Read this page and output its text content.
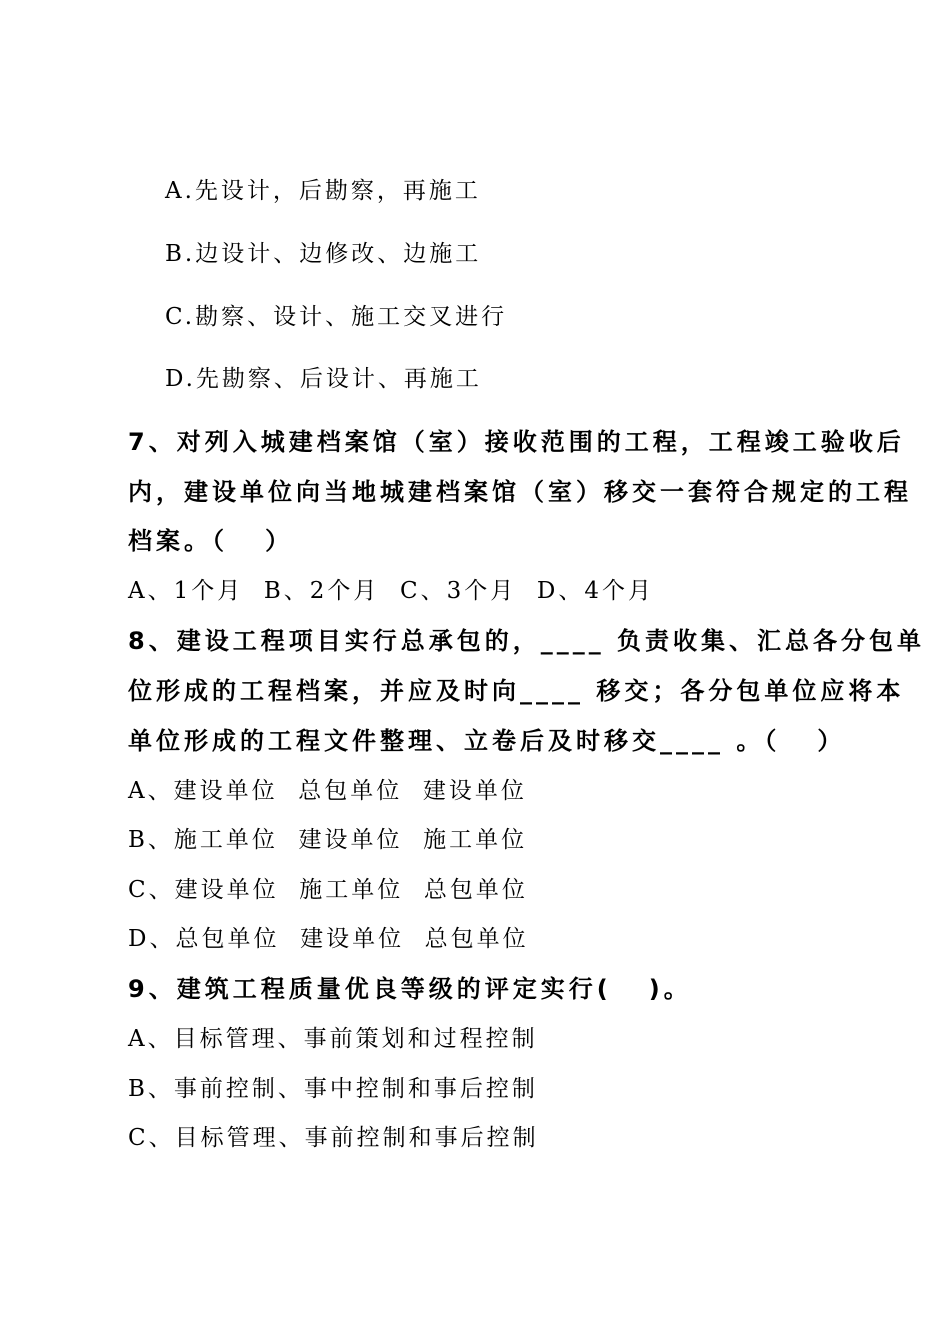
A.先设计，后勘察，再施工
B.边设计、边修改、边施工
C.勘察、设计、施工交叉进行
D.先勘察、后设计、再施工
7、对列入城建档案馆（室）接收范围的工程，工程竣工验收后
内，建设单位向当地城建档案馆（室）移交一套符合规定的工程
档案。（   ）
A、1个月  B、2个月  C、3个月  D、4个月
8、建设工程项目实行总承包的，____ 负责收集、汇总各分包单
位形成的工程档案，并应及时向____ 移交；各分包单位应将本
单位形成的工程文件整理、立卷后及时移交____ 。（   ）
A、建设单位  总包单位  建设单位
B、施工单位  建设单位  施工单位
C、建设单位  施工单位  总包单位
D、总包单位  建设单位  总包单位
9、建筑工程质量优良等级的评定实行(   )。
A、目标管理、事前策划和过程控制
B、事前控制、事中控制和事后控制
C、目标管理、事前控制和事后控制
